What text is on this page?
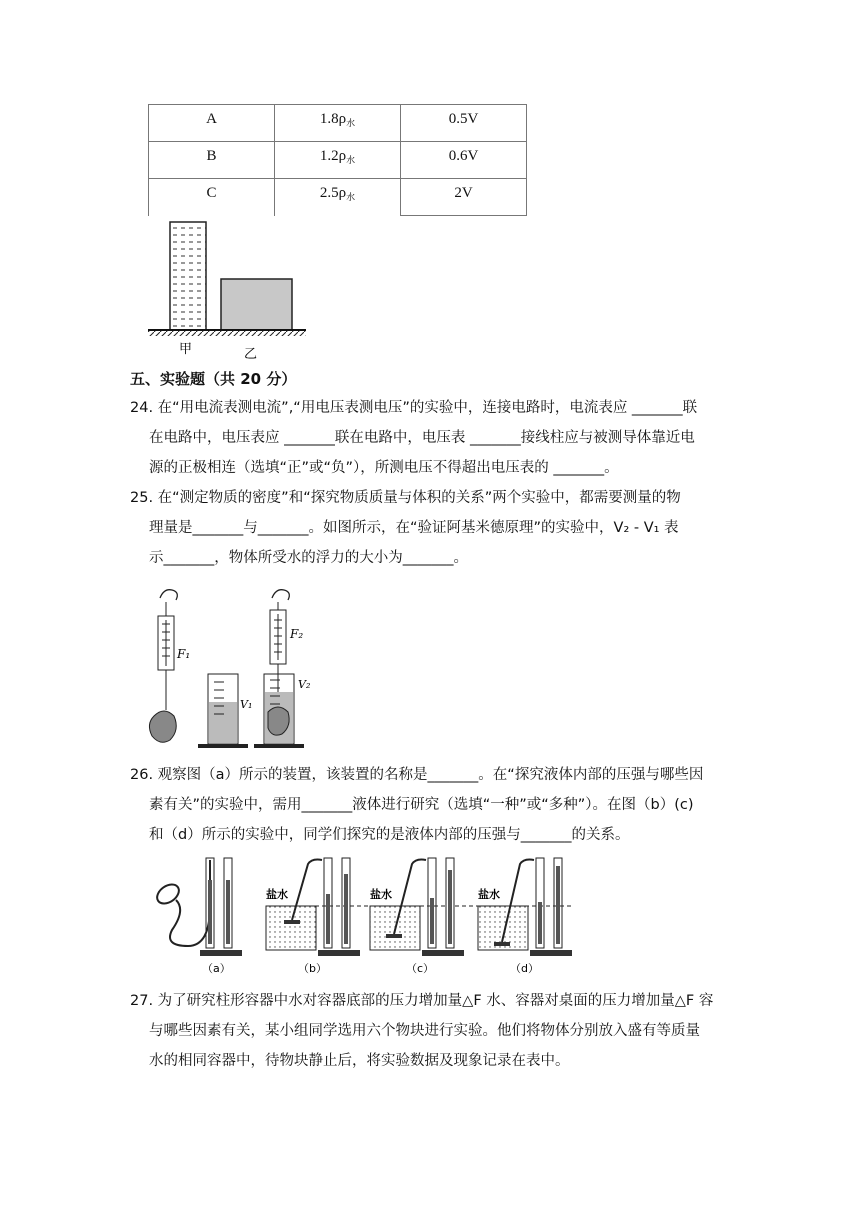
A	$1.8\rho_水$	0.5V
B	$1.2\rho_水$	0.6V
C	$2.5\rho_水$	2V
甲	乙
五、实验题（共 20 分）

24. 在“用电流表测电流”,“用电压表测电压”的实验中，连接电路时，电流表应 _______联

在电路中，电压表应 _______联在电路中，电压表 _______接线柱应与被测导体靠近电

源的正极相连（选填“正”或“负”），所测电压不得超出电压表的 _______。

25. 在“测定物质的密度”和“探究物质质量与体积的关系”两个实验中，都需要测量的物

理量是_______与_______。如图所示，在“验证阿基米德原理”的实验中，V₂ - V₁ 表

示_______，物体所受水的浮力的大小为_______。

F₁
V₁
F₂
V₂

26. 观察图（a）所示的装置，该装置的名称是_______。在“探究液体内部的压强与哪些因

素有关”的实验中，需用_______液体进行研究（选填“一种”或“多种”）。在图（b）(c)

和（d）所示的实验中，同学们探究的是液体内部的压强与_______的关系。

（a）
盐水
（b）
盐水
（c）
盐水
（d）

27. 为了研究柱形容器中水对容器底部的压力增加量△F 水、容器对桌面的压力增加量△F 容

与哪些因素有关，某小组同学选用六个物块进行实验。他们将物体分别放入盛有等质量

水的相同容器中，待物块静止后，将实验数据及现象记录在表中。
